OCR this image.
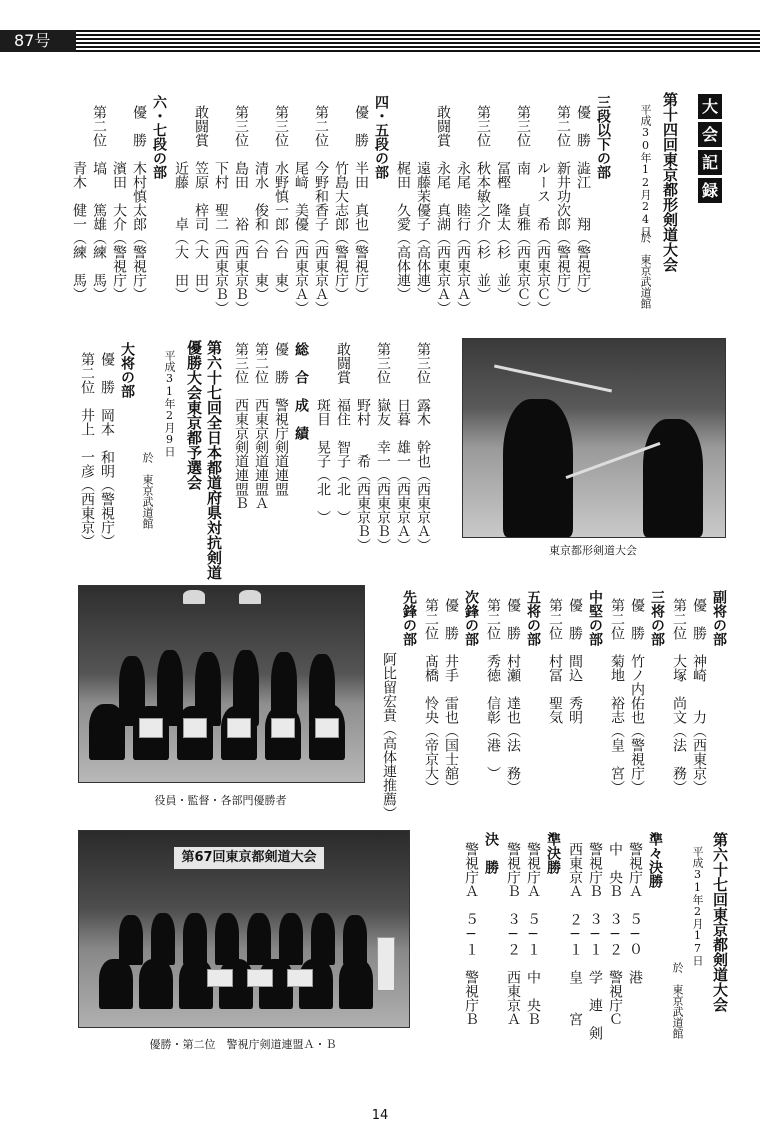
87号
大
会
記
録
第十四回東京都形剣道大会
平成30年12月24日
於　東京武道館
三段以下の部
優　勝　澁江　　翔（警視庁）
第二位　新井功次郎（警視庁）
　　　　ルース　希（西東京Ｃ）
第三位　南　　貞雅（西東京Ｃ）
　　　　冨樫　隆太（杉　並）
第三位　秋本敏之介（杉　並）
　　　　永尾　睦行（西東京Ａ）
敢闘賞　永尾　真湖（西東京Ａ）
　　　　遠藤茉優子（高体連）
　　　　梶田　久愛（高体連）
四・五段の部
優　勝　半田　真也（警視庁）
　　　　竹島大志郎（警視庁）
第二位　今野和香子（西東京Ａ）
　　　　尾﨑　美優（西東京Ａ）
第三位　水野慎一郎（台　東）
　　　　清水　俊和（台　東）
第三位　島田　　裕（西東京Ｂ）
　　　　下村　聖二（西東京Ｂ）
敢闘賞　笠原　梓司（大　田）
　　　　近藤　　卓（大　田）
六・七段の部
優　勝　木村慎太郎（警視庁）
　　　　濱田　大介（警視庁）
第二位　塙　　篤雄（練　馬）
　　　　青木　健一（練　馬）
第三位　露木　幹也（西東京Ａ）
　　　　日暮　雄一（西東京Ａ）
第三位　嶽友　幸一（西東京Ｂ）
　　　　野村　　希（西東京Ｂ）
敢闘賞　福住　智子（北　）
　　　　斑目　晃子（北　）
総　合　成　績
優　勝　警視庁剣道連盟
第二位　西東京剣道連盟Ａ
第三位　西東京剣道連盟Ｂ
第六十七回全日本都道府県対抗剣道
優勝大会東京都予選会
平成31年2月9日
於　東京武道館
大将の部
優　勝　岡本　和明（警視庁）
第二位　井上　一彦（西東京）
東京都形剣道大会
副将の部
優　勝　神崎　　力（西東京）
第二位　大塚　尚文（法　務）
三将の部
優　勝　竹ノ内佑也（警視庁）
第二位　菊地　裕志（皇　宮）
中堅の部
優　勝　間込　秀明
第二位　村冨　聖気
五将の部
優　勝　村瀬　達也（法　務）
第二位　秀徳　信彰（港　）
次鋒の部
優　勝　井手　雷也（国士舘）
第二位　髙橋　怜央（帝京大）
先鋒の部
阿比留宏貴（高体連推薦）
役員・監督・各部門優勝者
第六十七回東京都剣道大会
平成31年2月17日
於　東京武道館
準々決勝
警視庁Ａ　５−０　港
中　央Ｂ　３−２　警視庁Ｃ
警視庁Ｂ　３−１　学　連　剣
西東京Ａ　２−１　皇　　宮
準決勝
警視庁Ａ　５−１　中　央Ｂ
警視庁Ｂ　３−２　西東京Ａ
決　勝
警視庁Ａ　５−１　警視庁Ｂ
第67回東京都剣道大会
優勝・第二位　警視庁剣道連盟Ａ・Ｂ
14
